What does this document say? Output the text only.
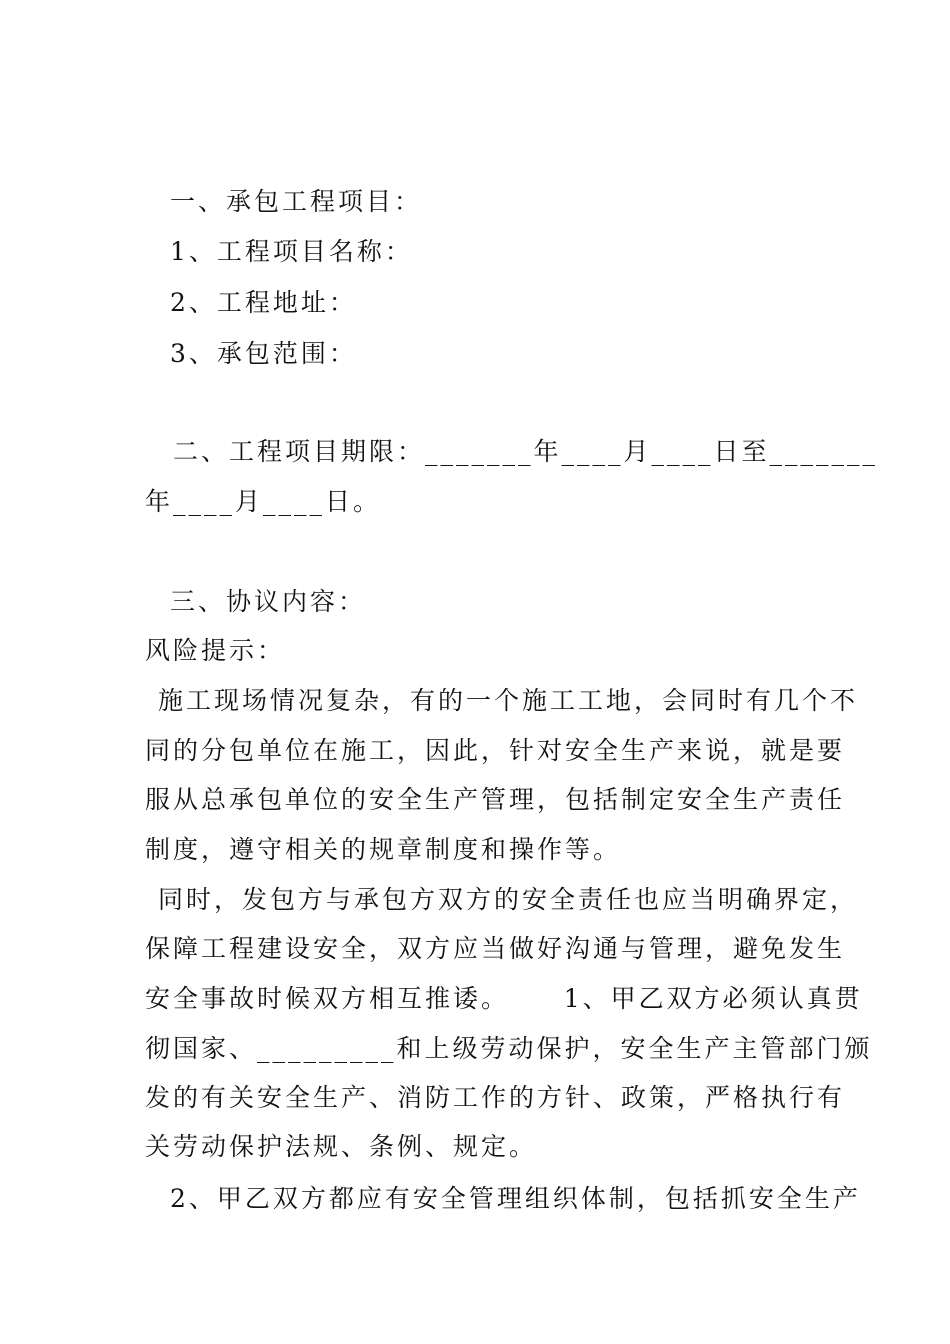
一、承包工程项目：
1、工程项目名称：
2、工程地址：
3、承包范围：
二、工程项目期限：_______年____月____日至_______
年____月____日。
三、协议内容：
风险提示：
施工现场情况复杂，有的一个施工工地，会同时有几个不
同的分包单位在施工，因此，针对安全生产来说，就是要
服从总承包单位的安全生产管理，包括制定安全生产责任
制度，遵守相关的规章制度和操作等。
同时，发包方与承包方双方的安全责任也应当明确界定，
保障工程建设安全，双方应当做好沟通与管理，避免发生
安全事故时候双方相互推诿。     1、甲乙双方必须认真贯
彻国家、_________和上级劳动保护，安全生产主管部门颁
发的有关安全生产、消防工作的方针、政策，严格执行有
关劳动保护法规、条例、规定。
2、甲乙双方都应有安全管理组织体制，包括抓安全生产
